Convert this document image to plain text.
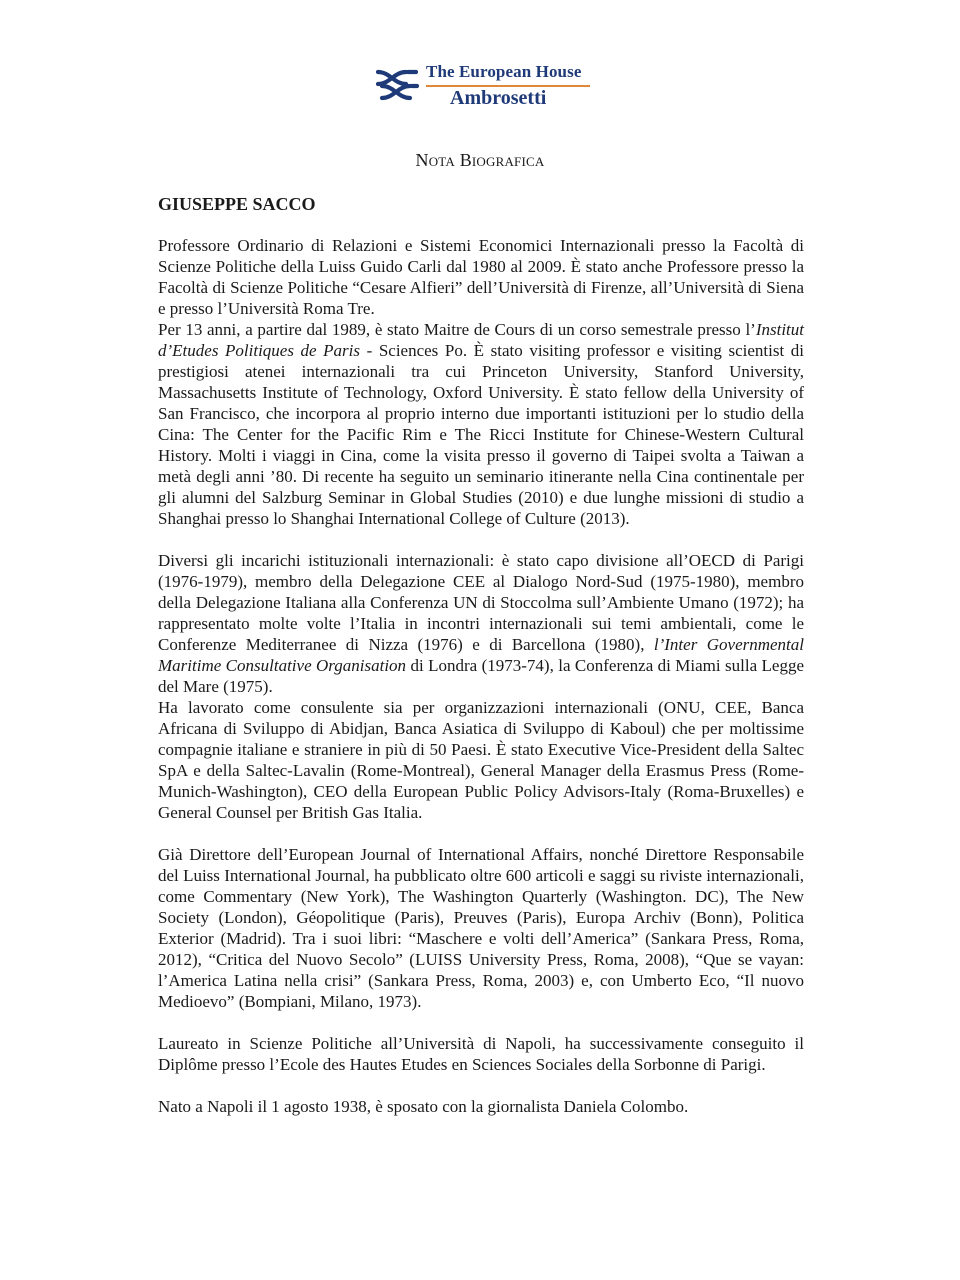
The European House
Ambrosetti
Nota Biografica
GIUSEPPE SACCO

Professore Ordinario di Relazioni e Sistemi Economici Internazionali presso la Facoltà di Scienze Politiche della Luiss Guido Carli dal 1980 al 2009. È stato anche Professore presso la Facoltà di Scienze Politiche “Cesare Alfieri” dell’Università di Firenze, all’Università di Siena e presso l’Università Roma Tre.

Per 13 anni, a partire dal 1989, è stato Maitre de Cours di un corso semestrale presso l’Institut d’Etudes Politiques de Paris - Sciences Po. È stato visiting professor e visiting scientist di prestigiosi atenei internazionali tra cui Princeton University, Stanford University, Massachusetts Institute of Technology, Oxford University. È stato fellow della University of San Francisco, che incorpora al proprio interno due importanti istituzioni per lo studio della Cina: The Center for the Pacific Rim e The Ricci Institute for Chinese-Western Cultural History. Molti i viaggi in Cina, come la visita presso il governo di Taipei svolta a Taiwan a metà degli anni ’80. Di recente ha seguito un seminario itinerante nella Cina continentale per gli alumni del Salzburg Seminar in Global Studies (2010) e due lunghe missioni di studio a Shanghai presso lo Shanghai International College of Culture (2013).

Diversi gli incarichi istituzionali internazionali: è stato capo divisione all’OECD di Parigi (1976-1979), membro della Delegazione CEE al Dialogo Nord-Sud (1975-1980), membro della Delegazione Italiana alla Conferenza UN di Stoccolma sull’Ambiente Umano (1972); ha rappresentato molte volte l’Italia in incontri internazionali sui temi ambientali, come le Conferenze Mediterranee di Nizza (1976) e di Barcellona (1980), l’Inter Governmental Maritime Consultative Organisation di Londra (1973-74), la Conferenza di Miami sulla Legge del Mare (1975).

Ha lavorato come consulente sia per organizzazioni internazionali (ONU, CEE, Banca Africana di Sviluppo di Abidjan, Banca Asiatica di Sviluppo di Kaboul) che per moltissime compagnie italiane e straniere in più di 50 Paesi. È stato Executive Vice-President della Saltec SpA e della Saltec-Lavalin (Rome-Montreal), General Manager della Erasmus Press (Rome-Munich-Washington), CEO della European Public Policy Advisors-Italy (Roma-Bruxelles) e General Counsel per British Gas Italia.

Già Direttore dell’European Journal of International Affairs, nonché Direttore Responsabile del Luiss International Journal, ha pubblicato oltre 600 articoli e saggi su riviste internazionali, come Commentary (New York), The Washington Quarterly (Washington. DC), The New Society (London), Géopolitique (Paris), Preuves (Paris), Europa Archiv (Bonn), Politica Exterior (Madrid). Tra i suoi libri: “Maschere e volti dell’America” (Sankara Press, Roma, 2012), “Critica del Nuovo Secolo” (LUISS University Press, Roma, 2008), “Que se vayan: l’America Latina nella crisi” (Sankara Press, Roma, 2003) e, con Umberto Eco, “Il nuovo Medioevo” (Bompiani, Milano, 1973).

Laureato in Scienze Politiche all’Università di Napoli, ha successivamente conseguito il Diplôme presso l’Ecole des Hautes Etudes en Sciences Sociales della Sorbonne di Parigi.

Nato a Napoli il 1 agosto 1938, è sposato con la giornalista Daniela Colombo.
